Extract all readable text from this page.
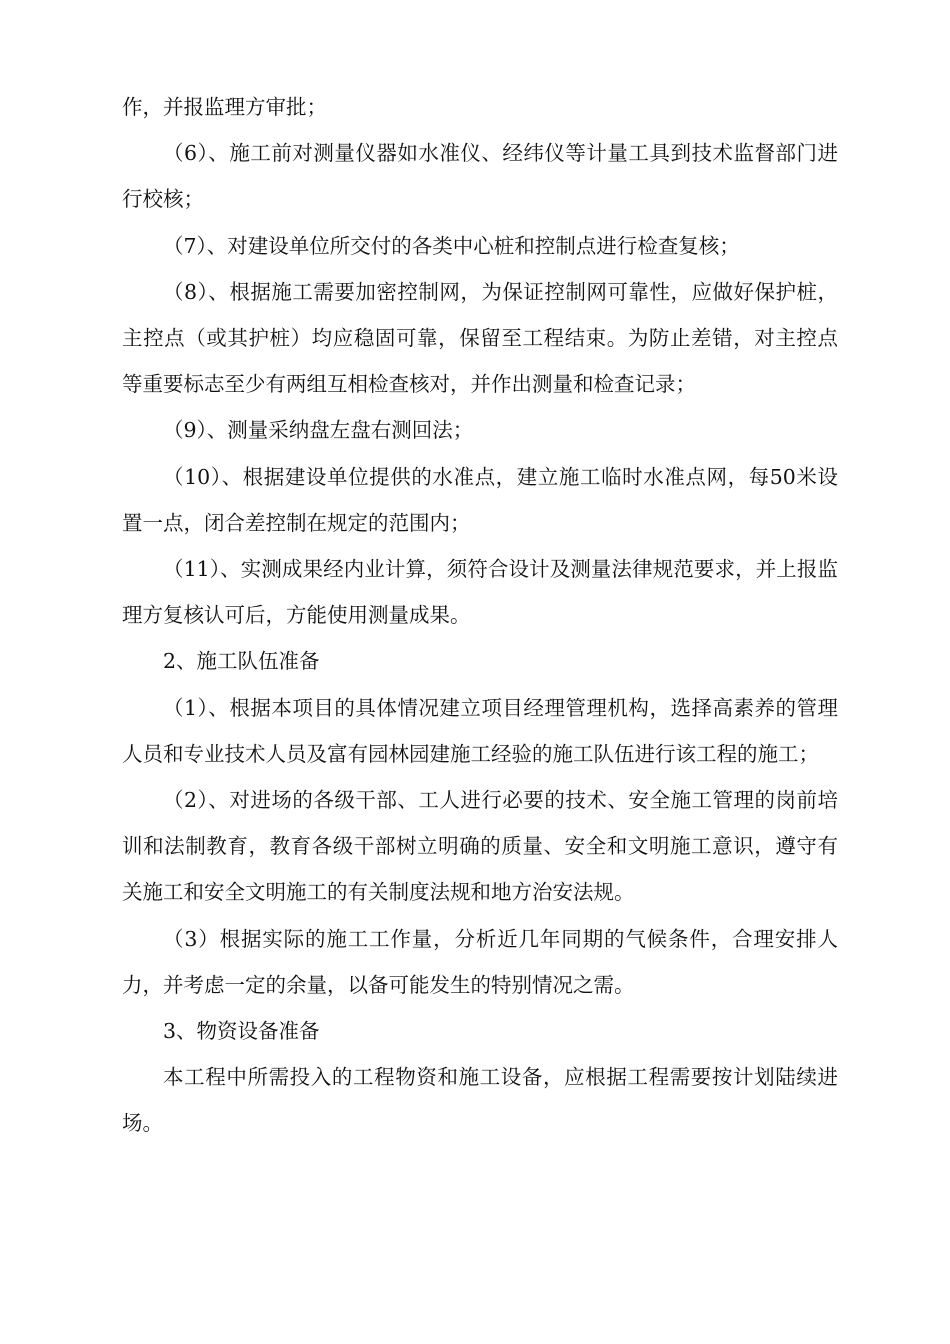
作，并报监理方审批；

（6）、施工前对测量仪器如水准仪、经纬仪等计量工具到技术监督部门进行校核；

（7）、对建设单位所交付的各类中心桩和控制点进行检查复核；

（8）、根据施工需要加密控制网，为保证控制网可靠性，应做好保护桩，主控点（或其护桩）均应稳固可靠，保留至工程结束。为防止差错，对主控点等重要标志至少有两组互相检查核对，并作出测量和检查记录；

（9）、测量采纳盘左盘右测回法；

（10）、根据建设单位提供的水准点，建立施工临时水准点网，每50米设置一点，闭合差控制在规定的范围内；

（11）、实测成果经内业计算，须符合设计及测量法律规范要求，并上报监理方复核认可后，方能使用测量成果。

2、施工队伍准备

（1）、根据本项目的具体情况建立项目经理管理机构，选择高素养的管理人员和专业技术人员及富有园林园建施工经验的施工队伍进行该工程的施工；

（2）、对进场的各级干部、工人进行必要的技术、安全施工管理的岗前培训和法制教育，教育各级干部树立明确的质量、安全和文明施工意识，遵守有关施工和安全文明施工的有关制度法规和地方治安法规。

（3）根据实际的施工工作量，分析近几年同期的气候条件，合理安排人力，并考虑一定的余量，以备可能发生的特别情况之需。

3、物资设备准备

本工程中所需投入的工程物资和施工设备，应根据工程需要按计划陆续进场。
